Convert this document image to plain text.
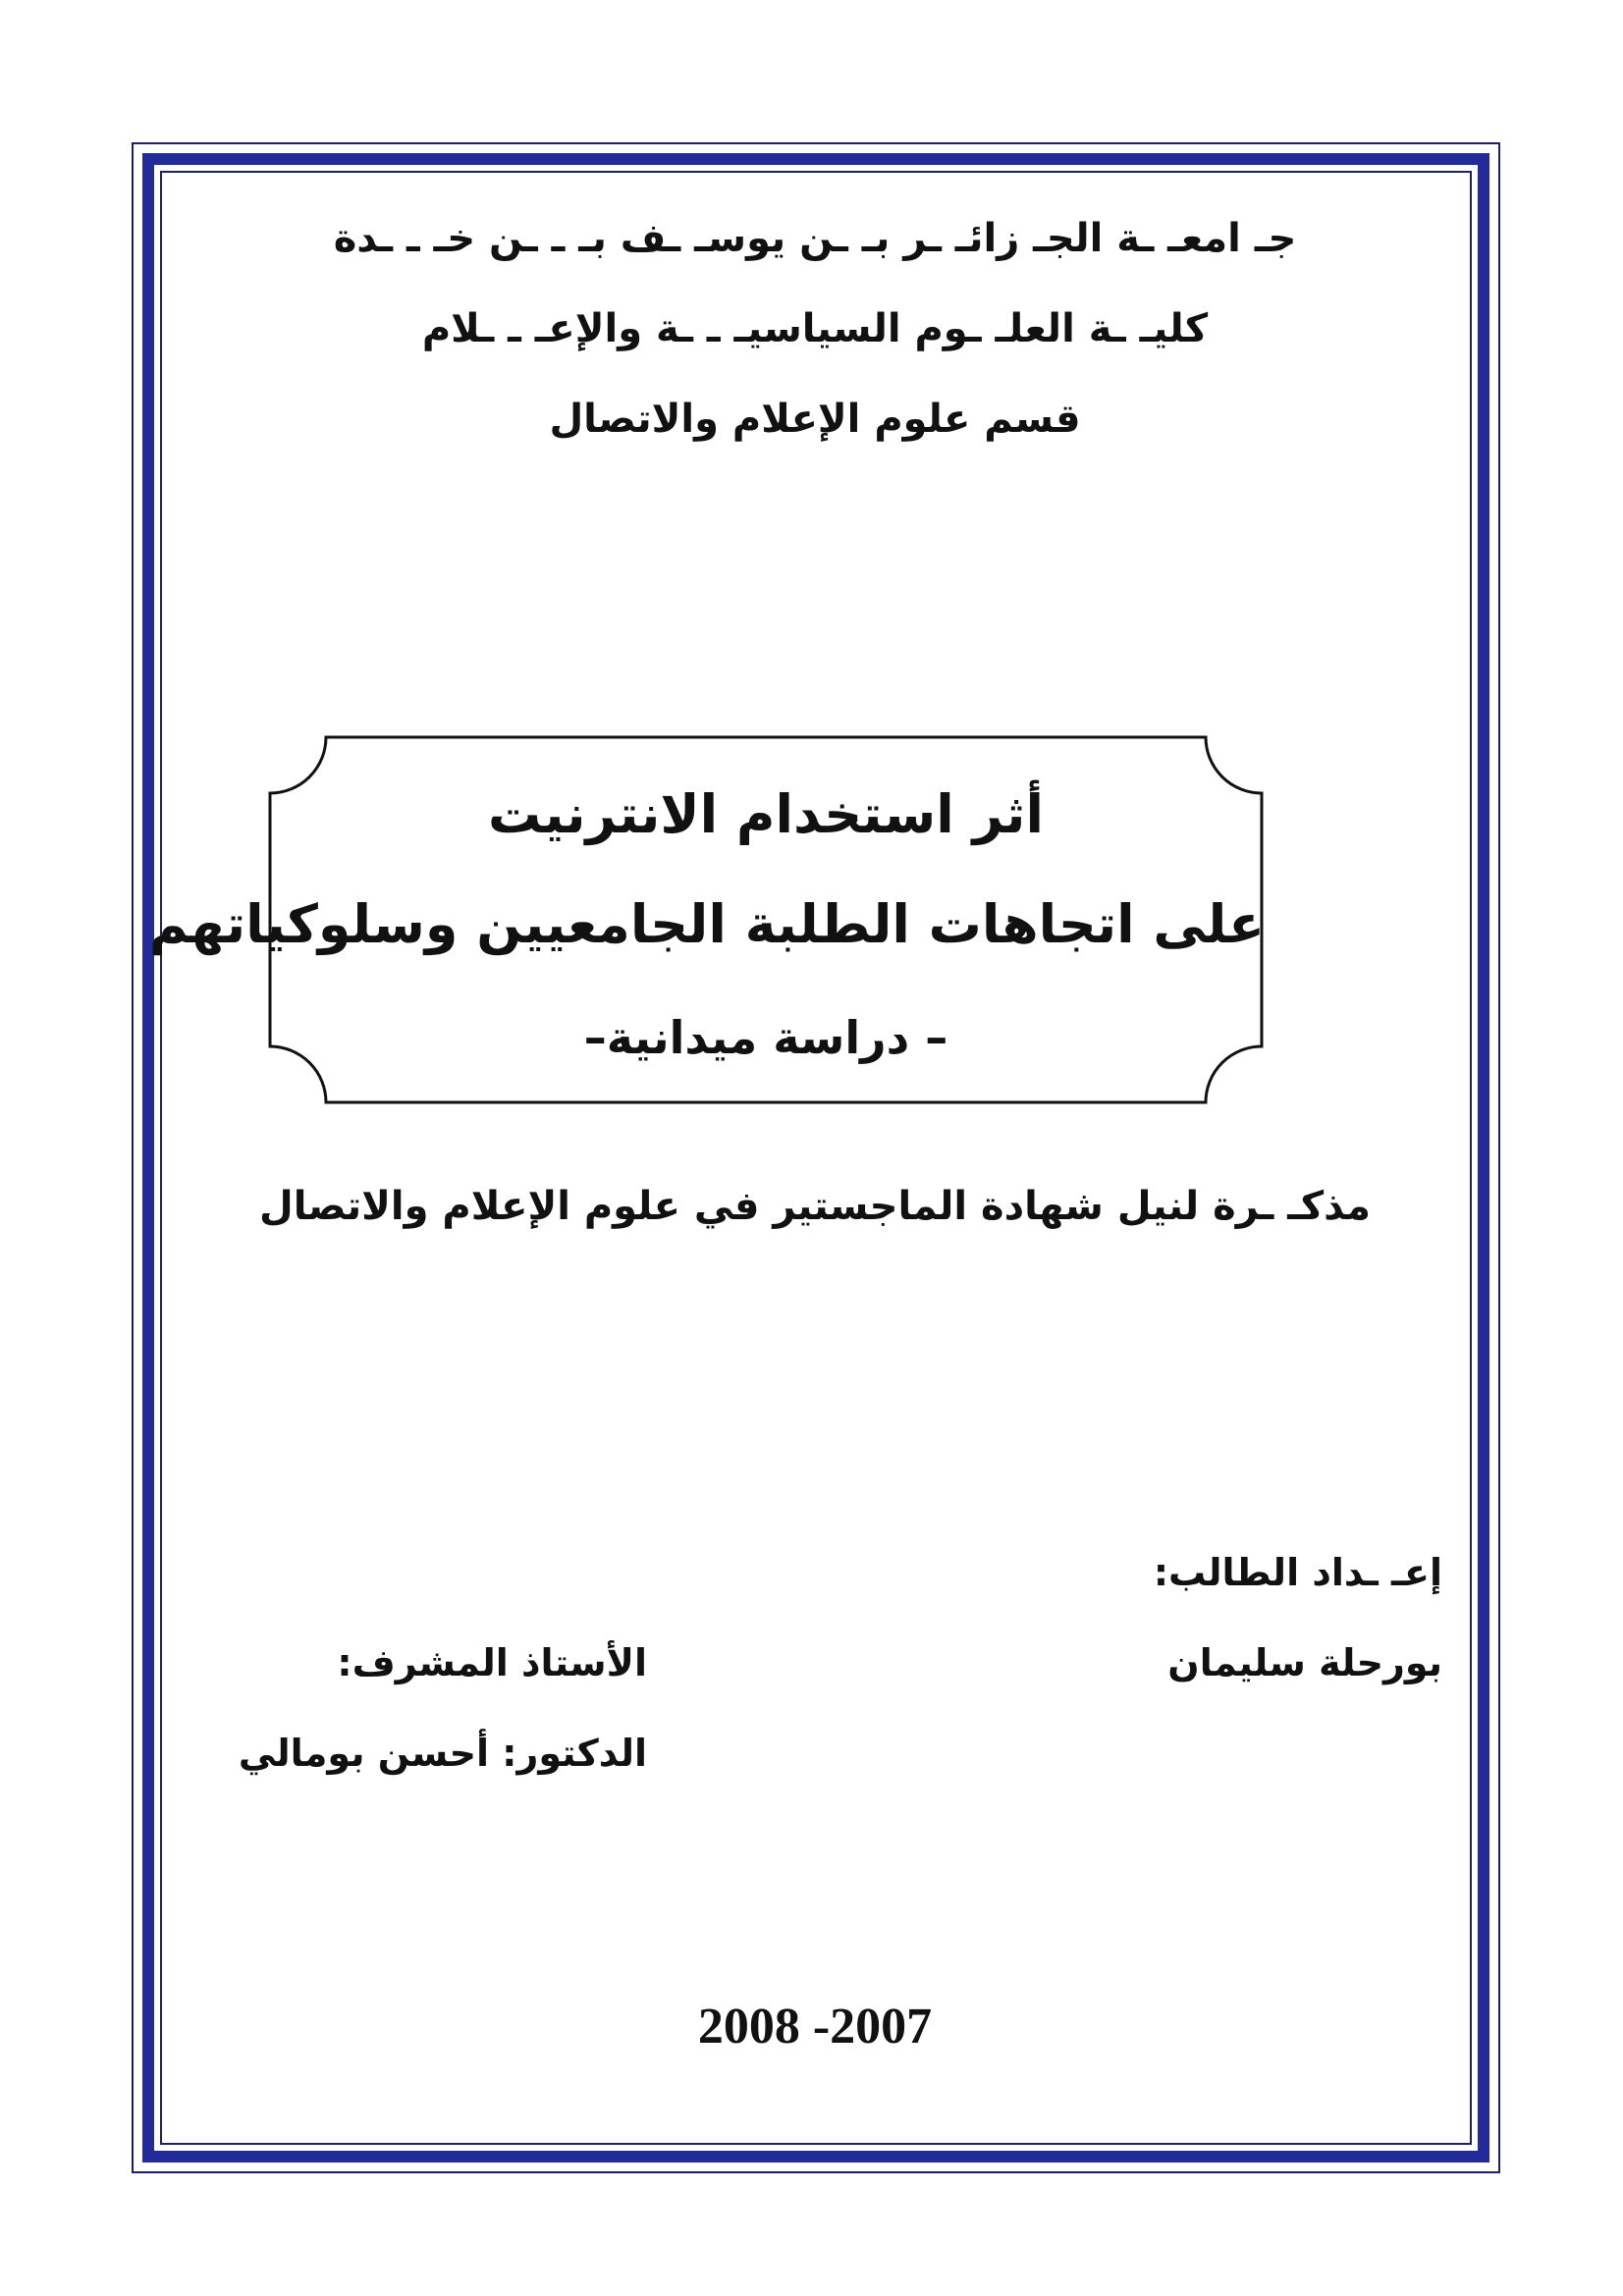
جـ امعـ ـة الجـ زائـ ـر بـ ـن يوسـ ـف بـ ـ ـن خـ ـ ـدة
كليـ ـة العلـ ـوم السياسيـ ـ ـة والإعـ ـ ـلام
قسم علوم الإعلام والاتصال
أثر استخدام الانترنيت
على اتجاهات الطلبة الجامعيين وسلوكياتهم
– دراسة ميدانية–
مذكـ ـرة لنيل شهادة الماجستير في علوم الإعلام والاتصال
إعـ ـداد الطالب:
بورحلة سليمان
الأستاذ المشرف:
الدكتور: أحسن بومالي
2008 -2007
